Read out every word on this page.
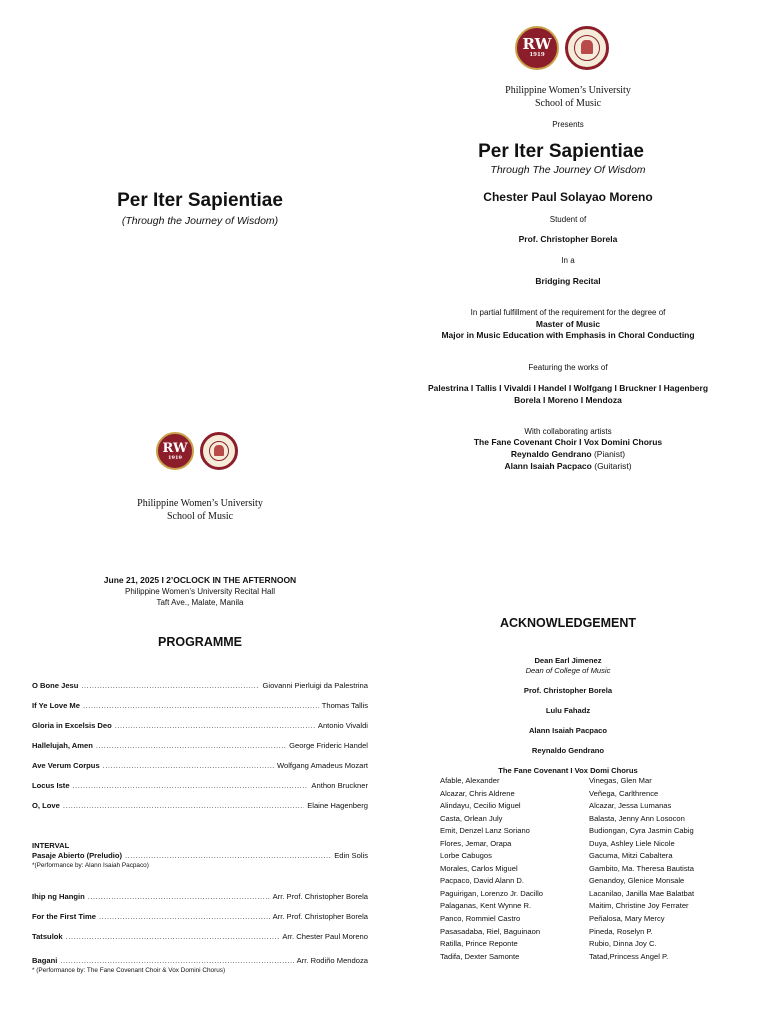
Per Iter Sapientiae
(Through the Journey of Wisdom)
RW
1919
Philippine Women’s University
School of Music
June 21, 2025 I 2’OCLOCK IN THE AFTERNOON
Philippine Women’s University Recital Hall
Taft Ave., Malate, Manila
PROGRAMME
O Bone Jesu .....	Giovanni Pierluigi da Palestrina
If Ye Love Me .....	Thomas Tallis
Gloria in Excelsis Deo .....	Antonio Vivaldi
Hallelujah, Amen .....	George Frideric Handel
Ave Verum Corpus .....	Wolfgang Amadeus Mozart
Locus Iste .....	Anthon Bruckner
O, Love .....	Elaine Hagenberg
INTERVAL
Pasaje Abierto (Preludio) .....	Edin Solis
*(Performance by: Alann Isaiah Pacpaco)
Ihip ng Hangin .....	Arr. Prof. Christopher Borela
For the First Time .....	Arr. Prof. Christopher Borela
Tatsulok .....	Arr. Chester Paul Moreno
Bagani .....	Arr. Rodiño Mendoza
* (Performance by: The Fane Covenant Choir & Vox Domini Chorus)
RW
1919
Philippine Women’s University
School of Music
Presents
Per Iter Sapientiae
Through The Journey Of Wisdom
Chester Paul Solayao Moreno
Student of
Prof. Christopher Borela
In a
Bridging Recital
In partial fulfillment of the requirement for the degree of
Master of Music
Major in Music Education with Emphasis in Choral Conducting
Featuring the works of
Palestrina I Tallis I Vivaldi I Handel I Wolfgang I Bruckner I Hagenberg
Borela I Moreno I Mendoza
With collaborating artists
The Fane Covenant Choir I Vox Domini Chorus
Reynaldo Gendrano (Pianist)
Alann Isaiah Pacpaco (Guitarist)
ACKNOWLEDGEMENT
Dean Earl Jimenez
Dean of College of Music
Prof. Christopher Borela
Lulu Fahadz
Alann Isaiah Pacpaco
Reynaldo Gendrano
The Fane Covenant I Vox Domi Chorus
Afable, Alexander
Alcazar, Chris Aldrene
Alindayu, Cecilio Miguel
Casta, Orlean July
Emit, Denzel Lanz Soriano
Flores, Jemar, Orapa
Lorbe Cabugos
Morales, Carlos Miguel
Pacpaco, David Alann D.
Paguirigan, Lorenzo Jr. Dacillo
Palaganas, Kent Wynne R.
Panco, Rommiel Castro
Pasasadaba, Riel, Baguinaon
Ratilla, Prince Reponte
Tadifa, Dexter Samonte
Vinegas, Glen Mar
Veñega, Carlthrence
Alcazar, Jessa Lumanas
Balasta, Jenny Ann Losocon
Budiongan, Cyra Jasmin Cabig
Duya, Ashley Liele Nicole
Gacuma, Mitzi Cabaltera
Gambito, Ma. Theresa Bautista
Genandoy, Glenice Monsale
Lacanilao, Janilla Mae Balatbat
Maitim, Christine Joy Ferrater
Peñalosa, Mary Mercy
Pineda, Roselyn P.
Rubio, Dinna Joy C.
Tatad,Princess Angel P.
